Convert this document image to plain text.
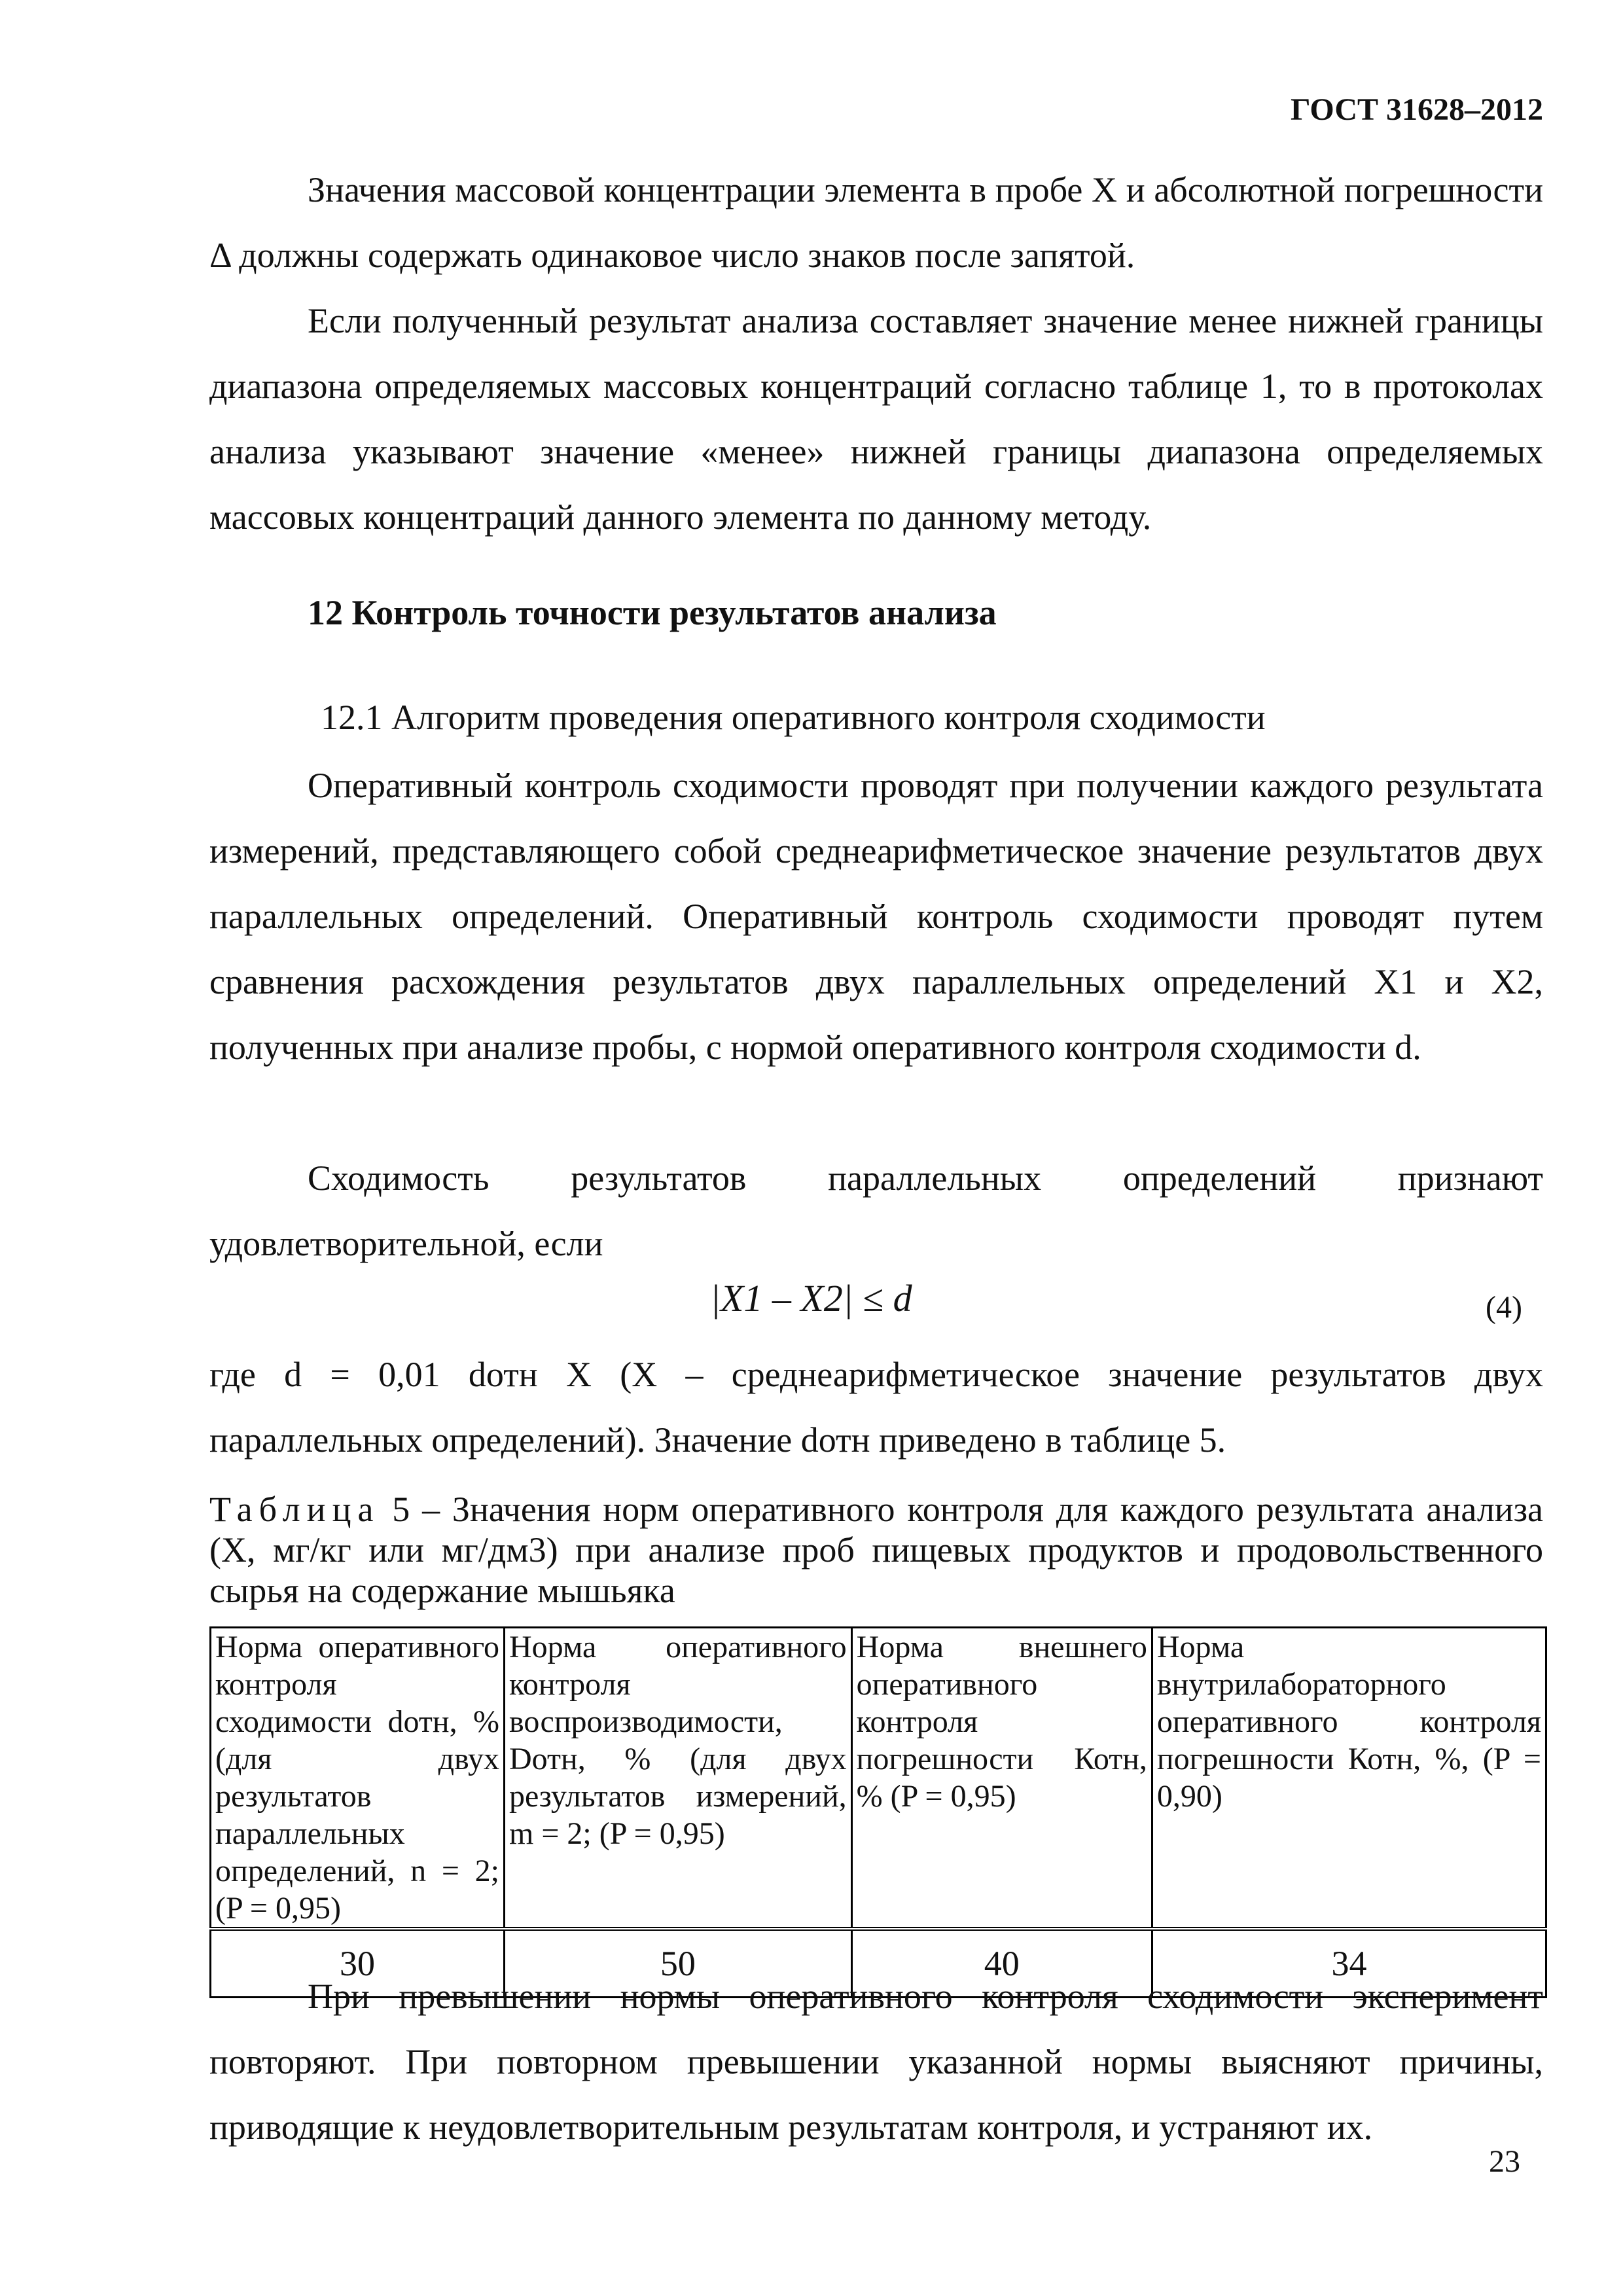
ГОСТ 31628–2012

Значения массовой концентрации элемента в пробе X и абсолютной погрешности Δ должны содержать одинаковое число знаков после запятой.

Если полученный результат анализа составляет значение менее нижней границы диапазона определяемых массовых концентраций согласно таблице 1, то в протоколах анализа указывают значение «менее» нижней границы диапазона определяемых массовых концентраций данного элемента по данному методу.

12 Контроль точности результатов анализа
12.1 Алгоритм проведения оперативного контроля сходимости

Оперативный контроль сходимости проводят при получении каждого результата измерений, представляющего собой среднеарифметическое значение результатов двух параллельных определений. Оперативный контроль сходимости проводят путем сравнения расхождения результатов двух параллельных определений X1 и X2, полученных при анализе пробы, с нормой оперативного контроля сходимости d.

Сходимость результатов параллельных определений признают удовлетворительной, если

|X1 – X2| ≤ d	(4)

где d = 0,01 dотн X (X – среднеарифметическое значение результатов двух параллельных определений). Значение dотн приведено в таблице 5.

Таблица 5 – Значения норм оперативного контроля для каждого результата анализа (X, мг/кг или мг/дм3) при анализе проб пищевых продуктов и продовольственного сырья на содержание мышьяка
Норма оперативного контроля сходимости dотн, % (для двух результатов параллельных определений, n = 2; (P = 0,95)	Норма оперативного контроля воспроизводимости, Dотн, % (для двух результатов измерений, m = 2; (P = 0,95)	Норма внешнего оперативного контроля погрешности Котн, % (P = 0,95)	Норма внутрилабораторного оперативного контроля погрешности Котн, %, (P = 0,90)
30	50	40	34

При превышении нормы оперативного контроля сходимости эксперимент повторяют. При повторном превышении указанной нормы выясняют причины, приводящие к неудовлетворительным результатам контроля, и устраняют их.

23
